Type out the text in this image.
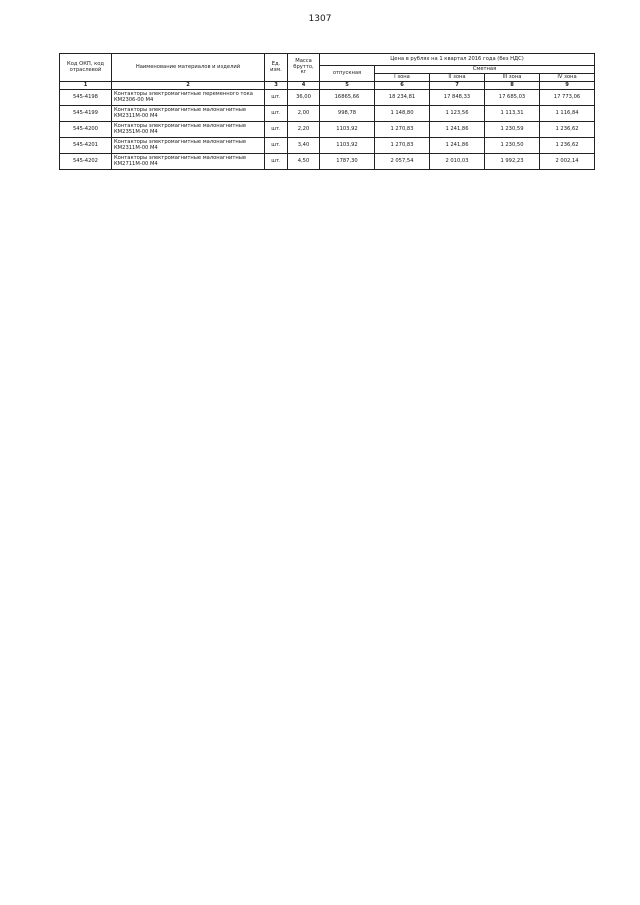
1307
Код ОКП, код отраслевой	Наименование материалов и изделий	Ед. изм.	Масса брутто, кг	Цена в рублях на 1 квартал 2016 года (без НДС)				
				отпускная	Сметная			
					I зона	II зона	III зона	IV зона
1	2	3	4	5	6	7	8	9
545-4198	Контакторы электромагнитные переменного тока КМ2306-00 М4	шт.	36,00	16865,66	18 234,81	17 848,33	17 685,03	17 773,06
545-4199	Контакторы электромагнитные малонагнитные КМ2311М-00 М4	шт.	2,00	998,78	1 148,80	1 123,56	1 113,31	1 116,84
545-4200	Контакторы электромагнитные малонагнитные КМ2351М-00 М4	шт.	2,20	1103,92	1 270,83	1 241,86	1 230,59	1 236,62
545-4201	Контакторы электромагнитные малонагнитные КМ2311М-00 М4	шт.	3,40	1103,92	1 270,83	1 241,86	1 230,50	1 236,62
545-4202	Контакторы электромагнитные малонагнитные КМ2711М-00 М4	шт.	4,50	1787,30	2 057,54	2 010,03	1 992,23	2 002,14
